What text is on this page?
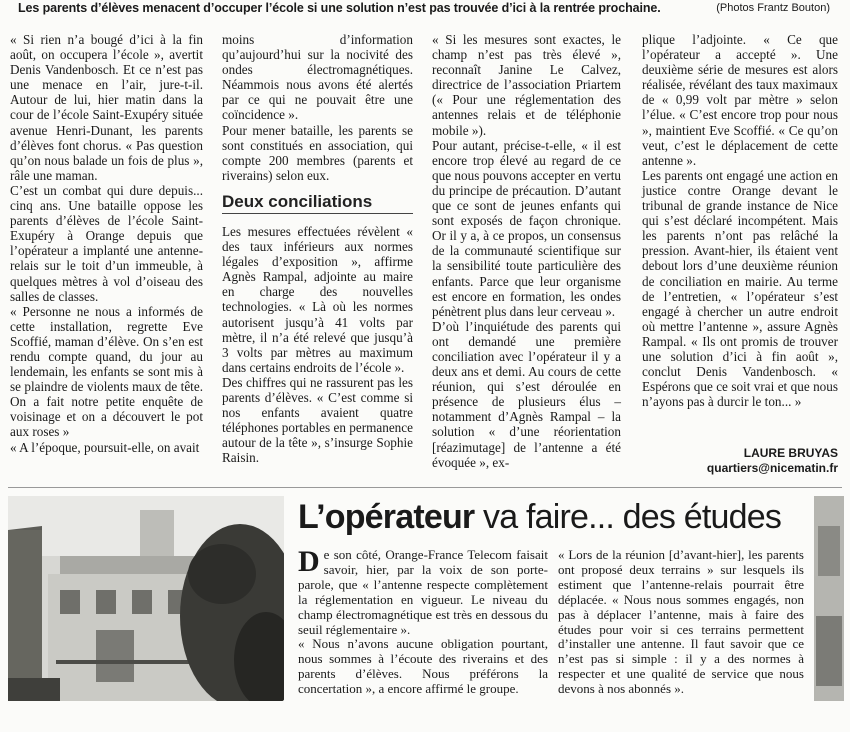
Les parents d’élèves menacent d’occuper l’école si une solution n’est pas trouvée d’ici à la rentrée prochaine.	(Photos Frantz Bouton)

« Si rien n’a bougé d’ici à la fin août, on occupera l’école », avertit Denis Vandenbosch. Et ce n’est pas une menace en l’air, jure-t-il. Autour de lui, hier matin dans la cour de l’école Saint-Exupéry située avenue Henri-Dunant, les parents d’élèves font chorus. « Pas question qu’on nous balade un fois de plus », râle une maman.

C’est un combat qui dure depuis... cinq ans. Une bataille oppose les parents d’élèves de l’école Saint-Exupéry à Orange depuis que l’opérateur a implanté une antenne-relais sur le toit d’un immeuble, à quelques mètres à vol d’oiseau des salles de classes.

« Personne ne nous a informés de cette installation, regrette Eve Scoffié, maman d’élève. On s’en est rendu compte quand, du jour au lendemain, les enfants se sont mis à se plaindre de violents maux de tête. On a fait notre petite enquête de voisinage et on a découvert le pot aux roses »

« A l’époque, poursuit-elle, on avait

moins d’information qu’aujourd’hui sur la nocivité des ondes électromagnétiques. Néammois nous avons été alertés par ce qui ne pouvait être une coïncidence ».

Pour mener bataille, les parents se sont constitués en association, qui compte 200 membres (parents et riverains) selon eux.

Deux conciliations

Les mesures effectuées révèlent « des taux inférieurs aux normes légales d’exposition », affirme Agnès Rampal, adjointe au maire en charge des nouvelles technologies. « Là où les normes autorisent jusqu’à 41 volts par mètre, il n’a été relevé que jusqu’à 3 volts par mètres au maximum dans certains endroits de l’école ».

Des chiffres qui ne rassurent pas les parents d’élèves. « C’est comme si nos enfants avaient quatre téléphones portables en permanence autour de la tête », s’insurge Sophie Raisin.

« Si les mesures sont exactes, le champ n’est pas très élevé », reconnaît Janine Le Calvez, directrice de l’association Priartem (« Pour une réglementation des antennes relais et de téléphonie mobile »).

Pour autant, précise-t-elle, « il est encore trop élevé au regard de ce que nous pouvons accepter en vertu du principe de précaution. D’autant que ce sont de jeunes enfants qui sont exposés de façon chronique. Or il y a, à ce propos, un consensus de la communauté scientifique sur la sensibilité toute particulière des enfants. Parce que leur organisme est encore en formation, les ondes pénètrent plus dans leur cerveau ».

D’où l’inquiétude des parents qui ont demandé une première conciliation avec l’opérateur il y a deux ans et demi. Au cours de cette réunion, qui s’est déroulée en présence de plusieurs élus – notamment d’Agnès Rampal – la solution « d’une réorientation [réazimutage] de l’antenne a été évoquée », ex-

plique l’adjointe. « Ce que l’opérateur a accepté ». Une deuxième série de mesures est alors réalisée, révélant des taux maximaux de « 0,99 volt par mètre » selon l’élue. « C’est encore trop pour nous », maintient Eve Scoffié. « Ce qu’on veut, c’est le déplacement de cette antenne ».

Les parents ont engagé une action en justice contre Orange devant le tribunal de grande instance de Nice qui s’est déclaré incompétent. Mais les parents n’ont pas relâché la pression. Avant-hier, ils étaient vent debout lors d’une deuxième réunion de conciliation en mairie. Au terme de l’entretien, « l’opérateur s’est engagé à chercher un autre endroit où mettre l’antenne », assure Agnès Rampal. « Ils ont promis de trouver une solution d’ici à fin août », conclut Denis Vandenbosch. « Espérons que ce soit vrai et que nous n’ayons pas à durcir le ton... »

LAURE BRUYAS
quartiers@nicematin.fr
L’opérateur va faire... des études
D e son côté, Orange-France Telecom faisait savoir, hier, par la voix de son porte-parole, que « l’antenne respecte complètement la réglementation en vigueur. Le niveau du champ électromagnétique est très en dessous du seuil réglementaire ».

« Nous n’avons aucune obligation pourtant, nous sommes à l’écoute des riverains et des parents d’élèves. Nous préférons la concertation », a encore affirmé le groupe.

« Lors de la réunion [d’avant-hier], les parents ont proposé deux terrains » sur lesquels ils estiment que l’antenne-relais pourrait être déplacée. « Nous nous sommes engagés, non pas à déplacer l’antenne, mais à faire des études pour voir si ces terrains permettent d’installer une antenne. Il faut savoir que ce n’est pas si simple : il y a des normes à respecter et une qualité de service que nous devons à nos abonnés ».
